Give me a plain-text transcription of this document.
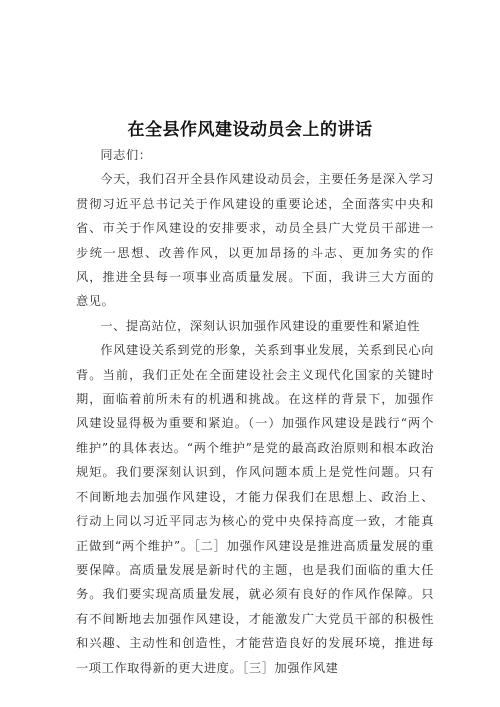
在全县作风建设动员会上的讲话

同志们：

今天，我们召开全县作风建设动员会，主要任务是深入学习贯彻习近平总书记关于作风建设的重要论述，全面落实中央和省、市关于作风建设的安排要求，动员全县广大党员干部进一步统一思想、改善作风，以更加昂扬的斗志、更加务实的作风，推进全县每一项事业高质量发展。下面，我讲三大方面的意见。

一、提高站位，深刻认识加强作风建设的重要性和紧迫性

作风建设关系到党的形象，关系到事业发展，关系到民心向背。当前，我们正处在全面建设社会主义现代化国家的关键时期，面临着前所未有的机遇和挑战。在这样的背景下，加强作风建设显得极为重要和紧迫。（一）加强作风建设是践行“两个维护”的具体表达。“两个维护”是党的最高政治原则和根本政治规矩。我们要深刻认识到，作风问题本质上是党性问题。只有不间断地去加强作风建设，才能力保我们在思想上、政治上、行动上同以习近平同志为核心的党中央保持高度一致，才能真正做到“两个维护”。［二］加强作风建设是推进高质量发展的重要保障。高质量发展是新时代的主题，也是我们面临的重大任务。我们要实现高质量发展，就必须有良好的作风作保障。只有不间断地去加强作风建设，才能激发广大党员干部的积极性和兴趣、主动性和创造性，才能营造良好的发展环境，推进每一项工作取得新的更大进度。［三］加强作风建
